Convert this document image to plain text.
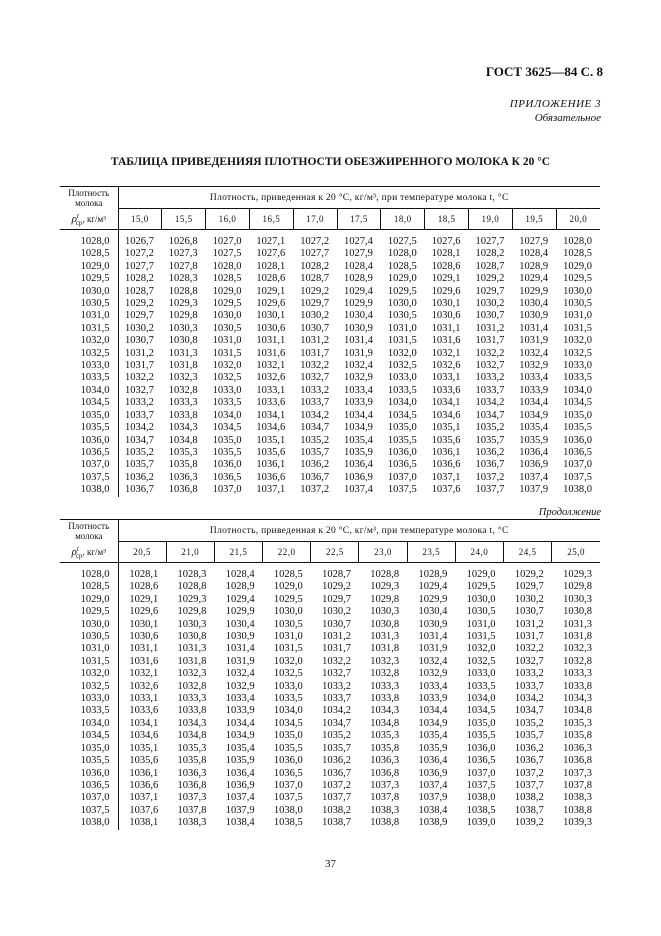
ГОСТ 3625—84 С. 8
ПРИЛОЖЕНИЕ 3
Обязательное
ТАБЛИЦА ПРИВЕДЕНИЯЯ ПЛОТНОСТИ ОБЕЗЖИРЕННОГО МОЛОКА К 20 °С
Плотность
молока
$\rho^t_{ср}$, кг/м³	Плотность, приведенная к 20 °С, кг/м³, при температуре молока t, °С										
	15,0	15,5	16,0	16,5	17,0	17,5	18,0	18,5	19,0	19,5	20,0

1028,0	1026,7	1026,8	1027,0	1027,1	1027,2	1027,4	1027,5	1027,6	1027,7	1027,9	1028,0
1028,5	1027,2	1027,3	1027,5	1027,6	1027,7	1027,9	1028,0	1028,1	1028,2	1028,4	1028,5
1029,0	1027,7	1027,8	1028,0	1028,1	1028,2	1028,4	1028,5	1028,6	1028,7	1028,9	1029,0
1029,5	1028,2	1028,3	1028,5	1028,6	1028,7	1028,9	1029,0	1029,1	1029,2	1029,4	1029,5
1030,0	1028,7	1028,8	1029,0	1029,1	1029,2	1029,4	1029,5	1029,6	1029,7	1029,9	1030,0
1030,5	1029,2	1029,3	1029,5	1029,6	1029,7	1029,9	1030,0	1030,1	1030,2	1030,4	1030,5
1031,0	1029,7	1029,8	1030,0	1030,1	1030,2	1030,4	1030,5	1030,6	1030,7	1030,9	1031,0
1031,5	1030,2	1030,3	1030,5	1030,6	1030,7	1030,9	1031,0	1031,1	1031,2	1031,4	1031,5
1032,0	1030,7	1030,8	1031,0	1031,1	1031,2	1031,4	1031,5	1031,6	1031,7	1031,9	1032,0
1032,5	1031,2	1031,3	1031,5	1031,6	1031,7	1031,9	1032,0	1032,1	1032,2	1032,4	1032,5
1033,0	1031,7	1031,8	1032,0	1032,1	1032,2	1032,4	1032,5	1032,6	1032,7	1032,9	1033,0
1033,5	1032,2	1032,3	1032,5	1032,6	1032,7	1032,9	1033,0	1033,1	1033,2	1033,4	1033,5
1034,0	1032,7	1032,8	1033,0	1033,1	1033,2	1033,4	1033,5	1033,6	1033,7	1033,9	1034,0
1034,5	1033,2	1033,3	1033,5	1033,6	1033,7	1033,9	1034,0	1034,1	1034,2	1034,4	1034,5
1035,0	1033,7	1033,8	1034,0	1034,1	1034,2	1034,4	1034,5	1034,6	1034,7	1034,9	1035,0
1035,5	1034,2	1034,3	1034,5	1034,6	1034,7	1034,9	1035,0	1035,1	1035,2	1035,4	1035,5
1036,0	1034,7	1034,8	1035,0	1035,1	1035,2	1035,4	1035,5	1035,6	1035,7	1035,9	1036,0
1036,5	1035,2	1035,3	1035,5	1035,6	1035,7	1035,9	1036,0	1036,1	1036,2	1036,4	1036,5
1037,0	1035,7	1035,8	1036,0	1036,1	1036,2	1036,4	1036,5	1036,6	1036,7	1036,9	1037,0
1037,5	1036,2	1036,3	1036,5	1036,6	1036,7	1036,9	1037,0	1037,1	1037,2	1037,4	1037,5
1038,0	1036,7	1036,8	1037,0	1037,1	1037,2	1037,4	1037,5	1037,6	1037,7	1037,9	1038,0
Продолжение
Плотность
молока
$\rho^t_{ср}$, кг/м³	Плотность, приведенная к 20 °С, кг/м³, при температуре молока t, °С									
	20,5	21,0	21,5	22,0	22,5	23,0	23,5	24,0	24,5	25,0

1028,0	1028,1	1028,3	1028,4	1028,5	1028,7	1028,8	1028,9	1029,0	1029,2	1029,3
1028,5	1028,6	1028,8	1028,9	1029,0	1029,2	1029,3	1029,4	1029,5	1029,7	1029,8
1029,0	1029,1	1029,3	1029,4	1029,5	1029,7	1029,8	1029,9	1030,0	1030,2	1030,3
1029,5	1029,6	1029,8	1029,9	1030,0	1030,2	1030,3	1030,4	1030,5	1030,7	1030,8
1030,0	1030,1	1030,3	1030,4	1030,5	1030,7	1030,8	1030,9	1031,0	1031,2	1031,3
1030,5	1030,6	1030,8	1030,9	1031,0	1031,2	1031,3	1031,4	1031,5	1031,7	1031,8
1031,0	1031,1	1031,3	1031,4	1031,5	1031,7	1031,8	1031,9	1032,0	1032,2	1032,3
1031,5	1031,6	1031,8	1031,9	1032,0	1032,2	1032,3	1032,4	1032,5	1032,7	1032,8
1032,0	1032,1	1032,3	1032,4	1032,5	1032,7	1032,8	1032,9	1033,0	1033,2	1033,3
1032,5	1032,6	1032,8	1032,9	1033,0	1033,2	1033,3	1033,4	1033,5	1033,7	1033,8
1033,0	1033,1	1033,3	1033,4	1033,5	1033,7	1033,8	1033,9	1034,0	1034,2	1034,3
1033,5	1033,6	1033,8	1033,9	1034,0	1034,2	1034,3	1034,4	1034,5	1034,7	1034,8
1034,0	1034,1	1034,3	1034,4	1034,5	1034,7	1034,8	1034,9	1035,0	1035,2	1035,3
1034,5	1034,6	1034,8	1034,9	1035,0	1035,2	1035,3	1035,4	1035,5	1035,7	1035,8
1035,0	1035,1	1035,3	1035,4	1035,5	1035,7	1035,8	1035,9	1036,0	1036,2	1036,3
1035,5	1035,6	1035,8	1035,9	1036,0	1036,2	1036,3	1036,4	1036,5	1036,7	1036,8
1036,0	1036,1	1036,3	1036,4	1036,5	1036,7	1036,8	1036,9	1037,0	1037,2	1037,3
1036,5	1036,6	1036,8	1036,9	1037,0	1037,2	1037,3	1037,4	1037,5	1037,7	1037,8
1037,0	1037,1	1037,3	1037,4	1037,5	1037,7	1037,8	1037,9	1038,0	1038,2	1038,3
1037,5	1037,6	1037,8	1037,9	1038,0	1038,2	1038,3	1038,4	1038,5	1038,7	1038,8
1038,0	1038,1	1038,3	1038,4	1038,5	1038,7	1038,8	1038,9	1039,0	1039,2	1039,3
37
